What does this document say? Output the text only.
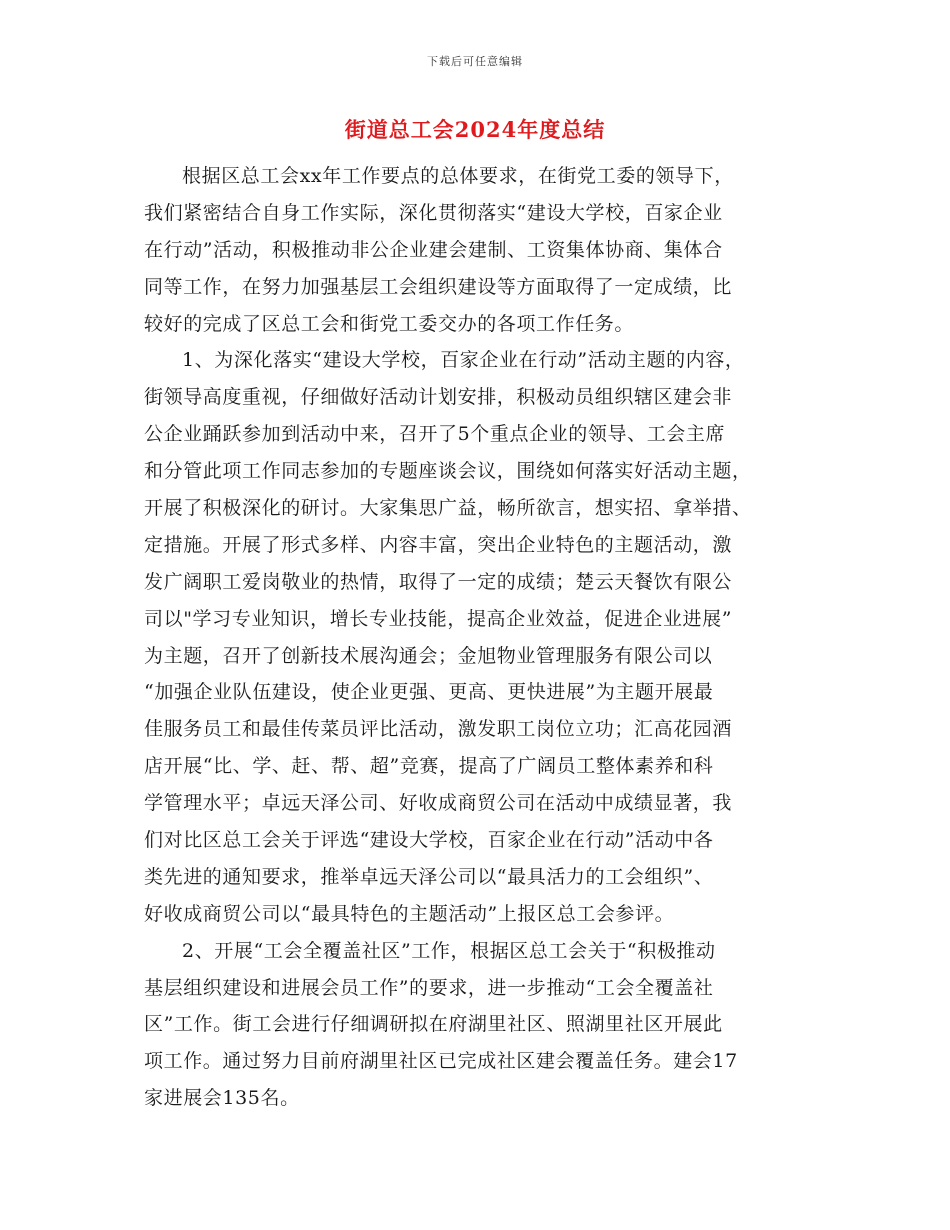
下载后可任意编辑
街道总工会2024年度总结
根据区总工会xx年工作要点的总体要求，在街党工委的领导下，
我们紧密结合自身工作实际，深化贯彻落实“建设大学校，百家企业
在行动”活动，积极推动非公企业建会建制、工资集体协商、集体合
同等工作，在努力加强基层工会组织建设等方面取得了一定成绩，比
较好的完成了区总工会和街党工委交办的各项工作任务。
1、为深化落实“建设大学校，百家企业在行动”活动主题的内容，
街领导高度重视，仔细做好活动计划安排，积极动员组织辖区建会非
公企业踊跃参加到活动中来，召开了5个重点企业的领导、工会主席
和分管此项工作同志参加的专题座谈会议，围绕如何落实好活动主题，
开展了积极深化的研讨。大家集思广益，畅所欲言，想实招、拿举措、
定措施。开展了形式多样、内容丰富，突出企业特色的主题活动，激
发广阔职工爱岗敬业的热情，取得了一定的成绩；楚云天餐饮有限公
司以"学习专业知识，增长专业技能，提高企业效益，促进企业进展”
为主题，召开了创新技术展沟通会；金旭物业管理服务有限公司以
“加强企业队伍建设，使企业更强、更高、更快进展”为主题开展最
佳服务员工和最佳传菜员评比活动，激发职工岗位立功；汇高花园酒
店开展“比、学、赶、帮、超”竞赛，提高了广阔员工整体素养和科
学管理水平；卓远天泽公司、好收成商贸公司在活动中成绩显著，我
们对比区总工会关于评选“建设大学校，百家企业在行动”活动中各
类先进的通知要求，推举卓远天泽公司以“最具活力的工会组织”、
好收成商贸公司以“最具特色的主题活动”上报区总工会参评。
2、开展“工会全覆盖社区”工作，根据区总工会关于“积极推动
基层组织建设和进展会员工作”的要求，进一步推动“工会全覆盖社
区”工作。街工会进行仔细调研拟在府湖里社区、照湖里社区开展此
项工作。通过努力目前府湖里社区已完成社区建会覆盖任务。建会17
家进展会135名。
